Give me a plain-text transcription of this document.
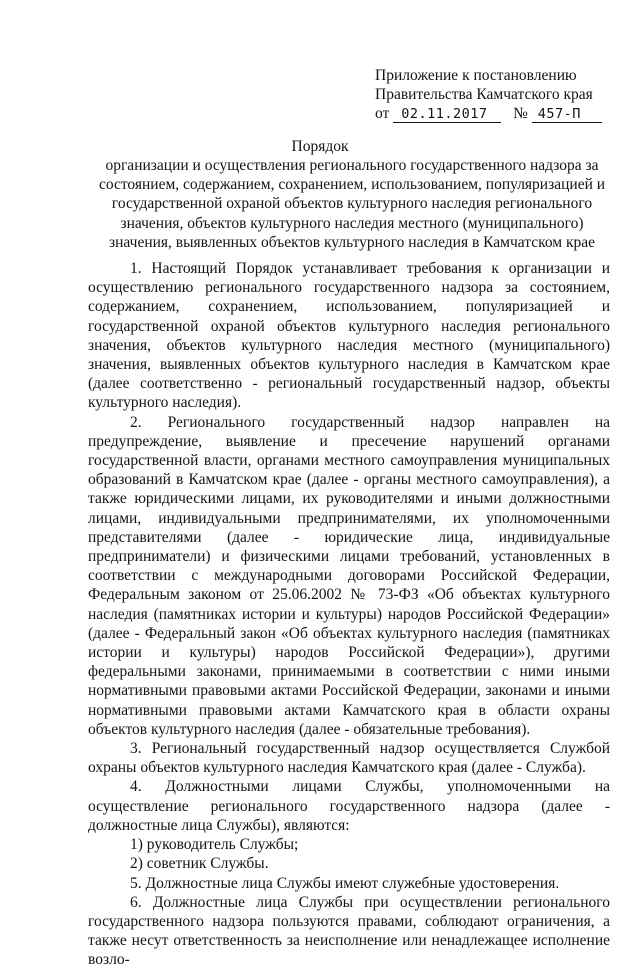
Приложение к постановлению
Правительства Камчатского края
от 02.11.2017 № 457-П
Порядок
организации и осуществления регионального государственного надзора за состоянием, содержанием, сохранением, использованием, популяризацией и государственной охраной объектов культурного наследия регионального значения, объектов культурного наследия местного (муниципального) значения, выявленных объектов культурного наследия в Камчатском крае

1. Настоящий Порядок устанавливает требования к организации и осуществлению регионального государственного надзора за состоянием, содержанием, сохранением, использованием, популяризацией и государственной охраной объектов культурного наследия регионального значения, объектов культурного наследия местного (муниципального) значения, выявленных объектов культурного наследия в Камчатском крае (далее соответственно - региональный государственный надзор, объекты культурного наследия).

2. Регионального государственный надзор направлен на предупреждение, выявление и пресечение нарушений органами государственной власти, органами местного самоуправления муниципальных образований в Камчатском крае (далее - органы местного самоуправления), а также юридическими лицами, их руководителями и иными должностными лицами, индивидуальными предпринимателями, их уполномоченными представителями (далее - юридические лица, индивидуальные предприниматели) и физическими лицами требований, установленных в соответствии с международными договорами Российской Федерации, Федеральным законом от 25.06.2002 № 73-ФЗ «Об объектах культурного наследия (памятниках истории и культуры) народов Российской Федерации» (далее - Федеральный закон «Об объектах культурного наследия (памятниках истории и культуры) народов Российской Федерации»), другими федеральными законами, принимаемыми в соответствии с ними иными нормативными правовыми актами Российской Федерации, законами и иными нормативными правовыми актами Камчатского края в области охраны объектов культурного наследия (далее - обязательные требования).

3. Региональный государственный надзор осуществляется Службой охраны объектов культурного наследия Камчатского края (далее - Служба).

4. Должностными лицами Службы, уполномоченными на осуществление регионального государственного надзора (далее - должностные лица Службы), являются:

1) руководитель Службы;

2) советник Службы.

5. Должностные лица Службы имеют служебные удостоверения.

6. Должностные лица Службы при осуществлении регионального государственного надзора пользуются правами, соблюдают ограничения, а также несут ответственность за неисполнение или ненадлежащее исполнение возло-
